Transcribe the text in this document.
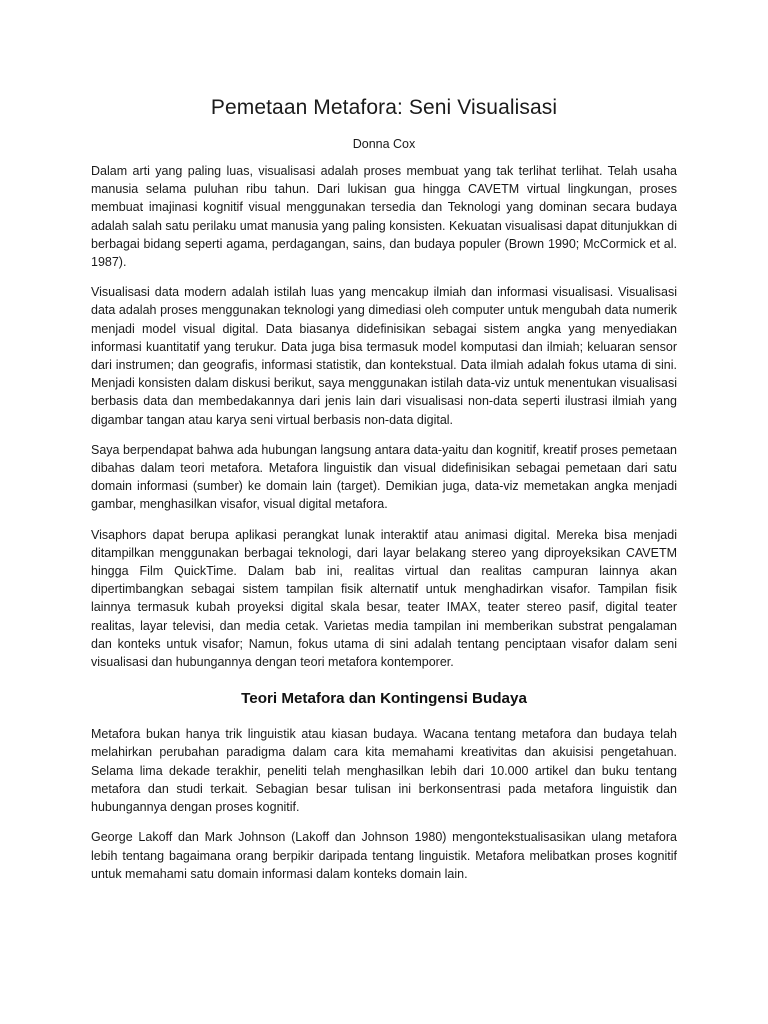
Pemetaan Metafora: Seni Visualisasi
Donna Cox

Dalam arti yang paling luas, visualisasi adalah proses membuat yang tak terlihat terlihat. Telah usaha manusia selama puluhan ribu tahun. Dari lukisan gua hingga CAVETM virtual lingkungan, proses membuat imajinasi kognitif visual menggunakan tersedia dan Teknologi yang dominan secara budaya adalah salah satu perilaku umat manusia yang paling konsisten. Kekuatan visualisasi dapat ditunjukkan di berbagai bidang seperti agama, perdagangan, sains, dan budaya populer (Brown 1990; McCormick et al. 1987).

Visualisasi data modern adalah istilah luas yang mencakup ilmiah dan informasi visualisasi. Visualisasi data adalah proses menggunakan teknologi yang dimediasi oleh computer untuk mengubah data numerik menjadi model visual digital. Data biasanya didefinisikan sebagai sistem angka yang menyediakan informasi kuantitatif yang terukur. Data juga bisa termasuk model komputasi dan ilmiah; keluaran sensor dari instrumen; dan geografis, informasi statistik, dan kontekstual. Data ilmiah adalah fokus utama di sini. Menjadi konsisten dalam diskusi berikut, saya menggunakan istilah data-viz untuk menentukan visualisasi berbasis data dan membedakannya dari jenis lain dari visualisasi non-data seperti ilustrasi ilmiah yang digambar tangan atau karya seni virtual berbasis non-data digital.

Saya berpendapat bahwa ada hubungan langsung antara data-yaitu dan kognitif, kreatif proses pemetaan dibahas dalam teori metafora. Metafora linguistik dan visual didefinisikan sebagai pemetaan dari satu domain informasi (sumber) ke domain lain (target). Demikian juga, data-viz memetakan angka menjadi gambar, menghasilkan visafor, visual digital metafora.

Visaphors dapat berupa aplikasi perangkat lunak interaktif atau animasi digital. Mereka bisa menjadi ditampilkan menggunakan berbagai teknologi, dari layar belakang stereo yang diproyeksikan CAVETM hingga Film QuickTime. Dalam bab ini, realitas virtual dan realitas campuran lainnya akan dipertimbangkan sebagai sistem tampilan fisik alternatif untuk menghadirkan visafor. Tampilan fisik lainnya termasuk kubah proyeksi digital skala besar, teater IMAX, teater stereo pasif, digital teater realitas, layar televisi, dan media cetak. Varietas media tampilan ini memberikan substrat pengalaman dan konteks untuk visafor; Namun, fokus utama di sini adalah tentang penciptaan visafor dalam seni visualisasi dan hubungannya dengan teori metafora kontemporer.

Teori Metafora dan Kontingensi Budaya

Metafora bukan hanya trik linguistik atau kiasan budaya. Wacana tentang metafora dan budaya telah melahirkan perubahan paradigma dalam cara kita memahami kreativitas dan akuisisi pengetahuan. Selama lima dekade terakhir, peneliti telah menghasilkan lebih dari 10.000 artikel dan buku tentang metafora dan studi terkait. Sebagian besar tulisan ini berkonsentrasi pada metafora linguistik dan hubungannya dengan proses kognitif.

George Lakoff dan Mark Johnson (Lakoff dan Johnson 1980) mengontekstualisasikan ulang metafora lebih tentang bagaimana orang berpikir daripada tentang linguistik. Metafora melibatkan proses kognitif untuk memahami satu domain informasi dalam konteks domain lain.
